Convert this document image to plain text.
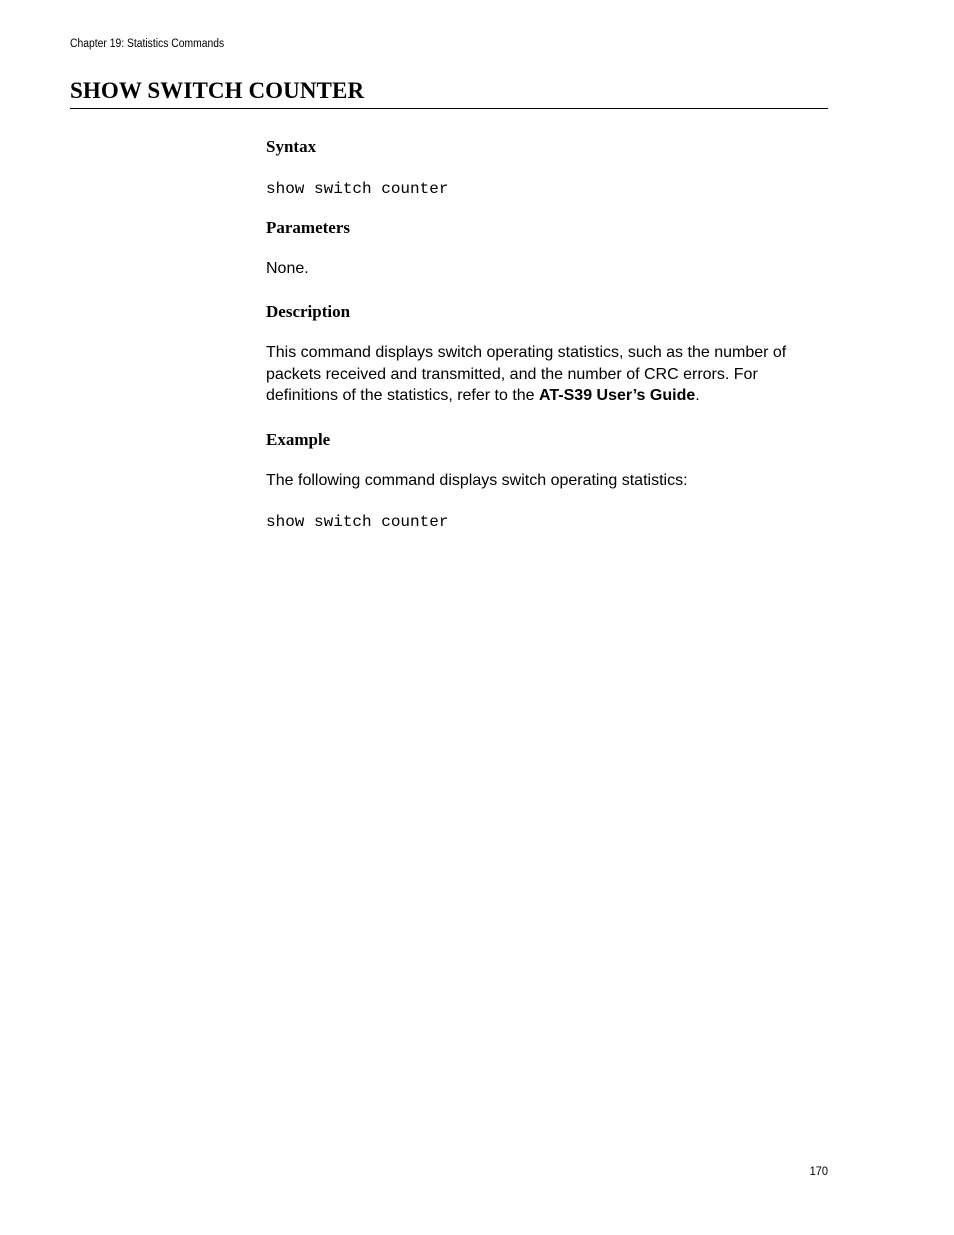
Chapter 19: Statistics Commands
SHOW SWITCH COUNTER
Syntax

show switch counter

Parameters

None.

Description

This command displays switch operating statistics, such as the number of packets received and transmitted, and the number of CRC errors. For definitions of the statistics, refer to the AT-S39 User’s Guide.

Example

The following command displays switch operating statistics:

show switch counter

170
